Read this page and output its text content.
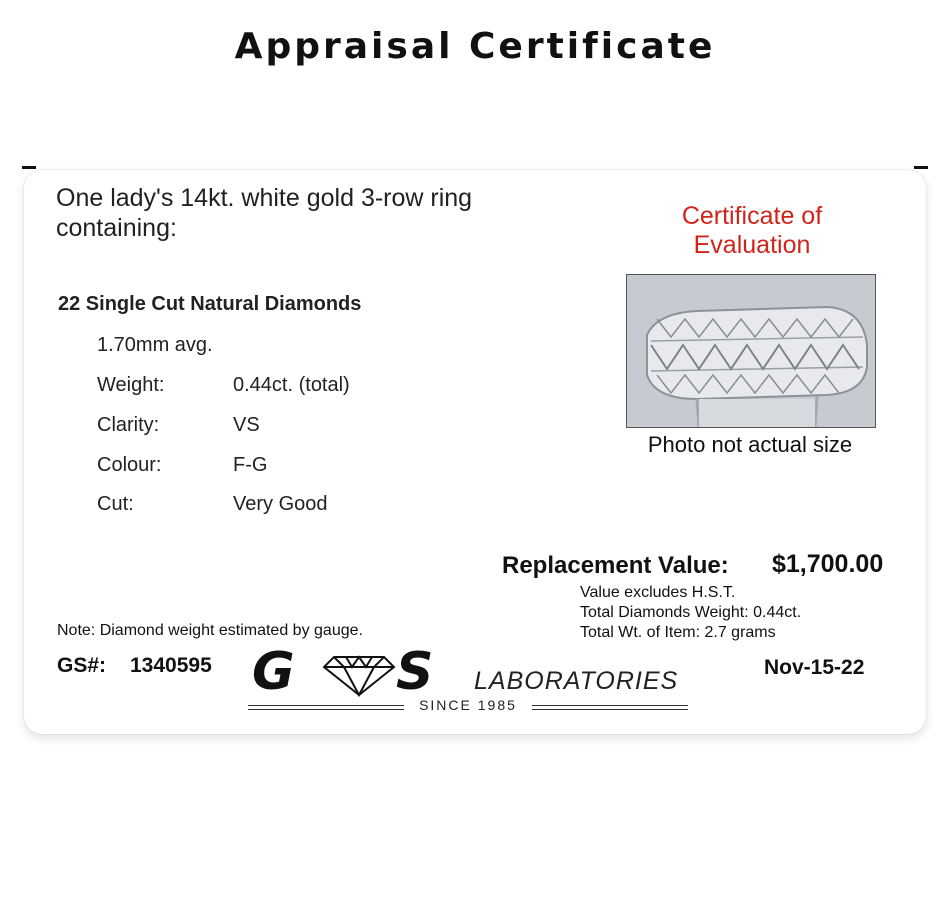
Appraisal Certificate
One lady's 14kt. white gold 3-row ring containing:
22 Single Cut Natural Diamonds
1.70mm avg.
Weight:	0.44ct. (total)
Clarity:	VS
Colour:	F-G
Cut:	Very Good
Certificate of
Evaluation
Photo not actual size
Replacement Value: $1,700.00
Value excludes H.S.T.
Total Diamonds Weight: 0.44ct.
Total Wt. of Item: 2.7 grams
Note: Diamond weight estimated by gauge.
GS#: 1340595	Nov-15-22
G S LABORATORIES
SINCE 1985
